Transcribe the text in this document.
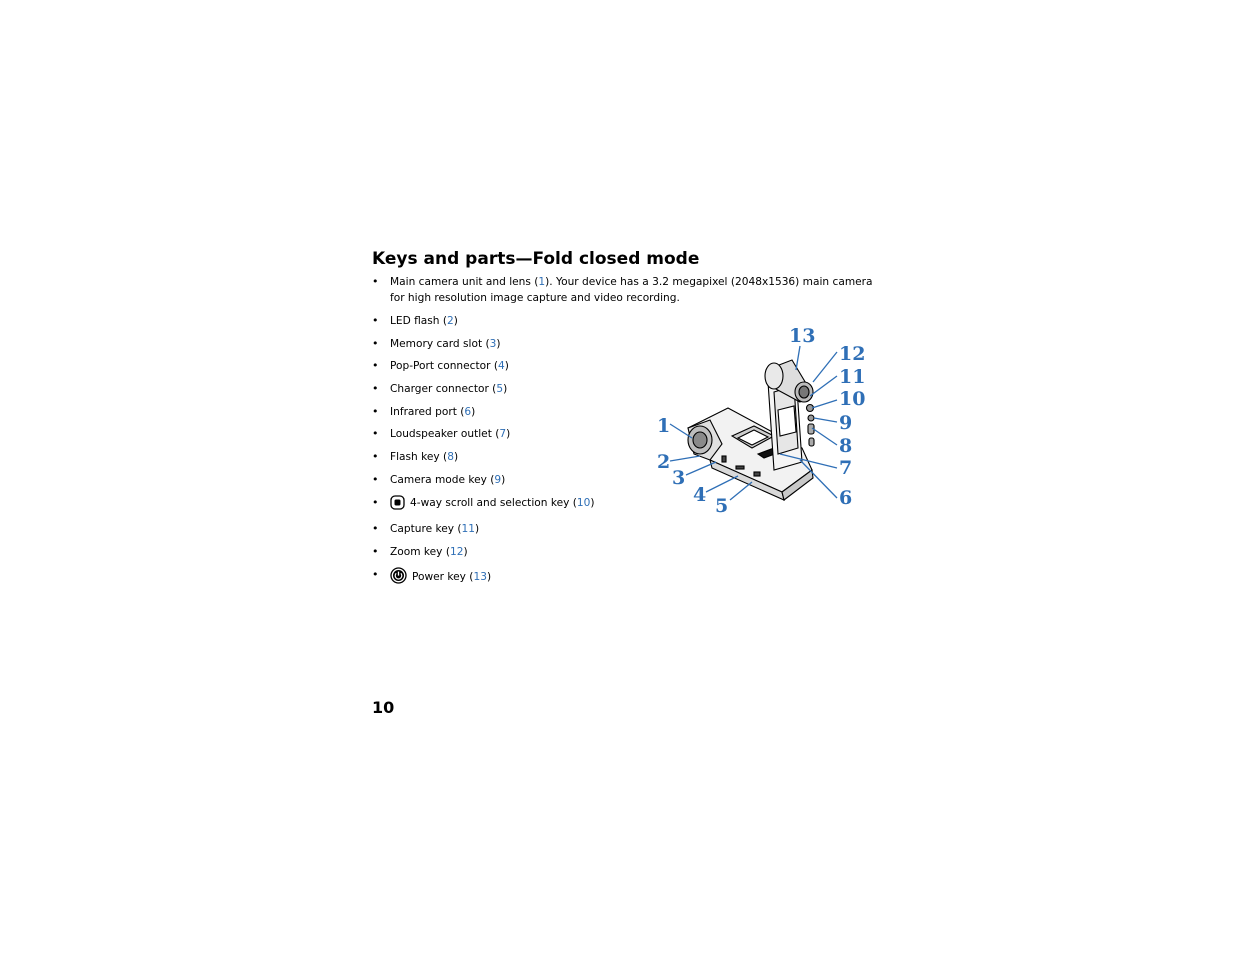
Keys and parts—Fold closed mode
• Main camera unit and lens (1). Your device has a 3.2 megapixel (2048x1536) main camera
for high resolution image capture and video recording.
• LED flash (2)
• Memory card slot (3)
• Pop-Port connector (4)
• Charger connector (5)
• Infrared port (6)
• Loudspeaker outlet (7)
• Flash key (8)
• Camera mode key (9)
• 4-way scroll and selection key (10)
• Capture key (11)
• Zoom key (12)
• Power key (13)
1
2
3
4 5	6
7
8
9
10
11
12
13
10
